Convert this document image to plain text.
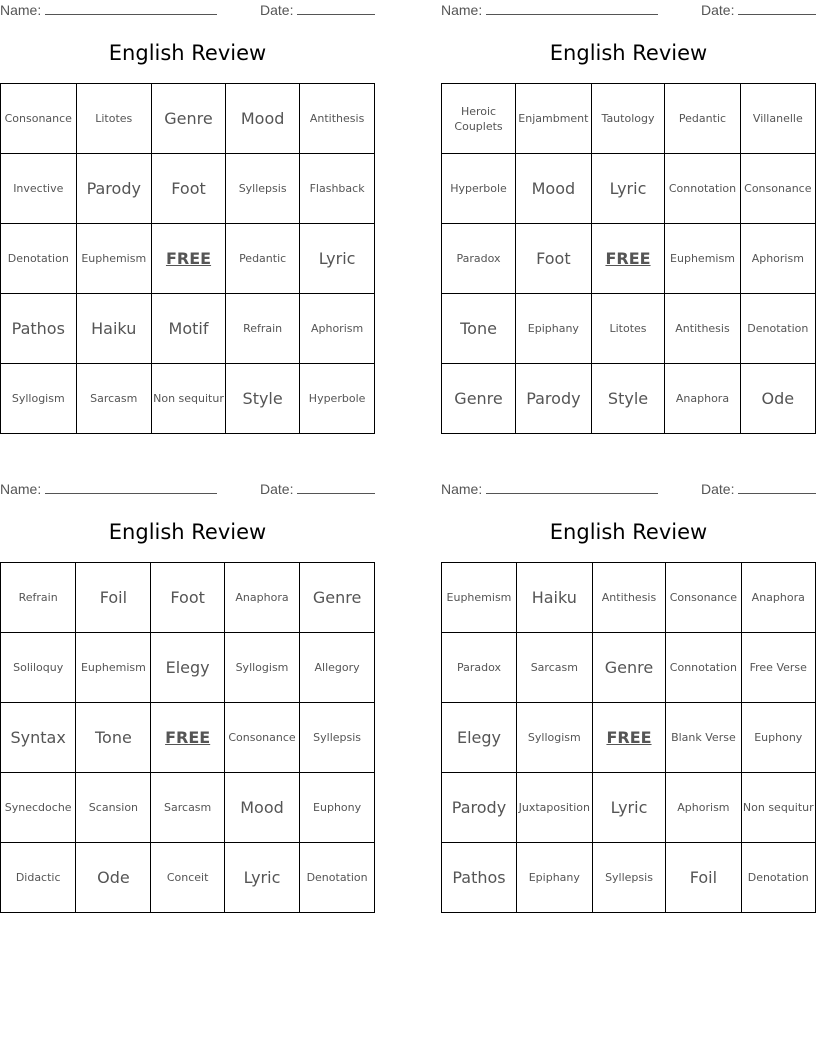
Name:	Date:
English Review
Consonance	Litotes	Genre	Mood	Antithesis
Invective	Parody	Foot	Syllepsis	Flashback
Denotation	Euphemism	FREE	Pedantic	Lyric
Pathos	Haiku	Motif	Refrain	Aphorism
Syllogism	Sarcasm	Non sequitur	Style	Hyperbole
Name:	Date:
English Review
Heroic Couplets	Enjambment	Tautology	Pedantic	Villanelle
Hyperbole	Mood	Lyric	Connotation	Consonance
Paradox	Foot	FREE	Euphemism	Aphorism
Tone	Epiphany	Litotes	Antithesis	Denotation
Genre	Parody	Style	Anaphora	Ode
Name:	Date:
English Review
Refrain	Foil	Foot	Anaphora	Genre
Soliloquy	Euphemism	Elegy	Syllogism	Allegory
Syntax	Tone	FREE	Consonance	Syllepsis
Synecdoche	Scansion	Sarcasm	Mood	Euphony
Didactic	Ode	Conceit	Lyric	Denotation
Name:	Date:
English Review
Euphemism	Haiku	Antithesis	Consonance	Anaphora
Paradox	Sarcasm	Genre	Connotation	Free Verse
Elegy	Syllogism	FREE	Blank Verse	Euphony
Parody	Juxtaposition	Lyric	Aphorism	Non sequitur
Pathos	Epiphany	Syllepsis	Foil	Denotation
